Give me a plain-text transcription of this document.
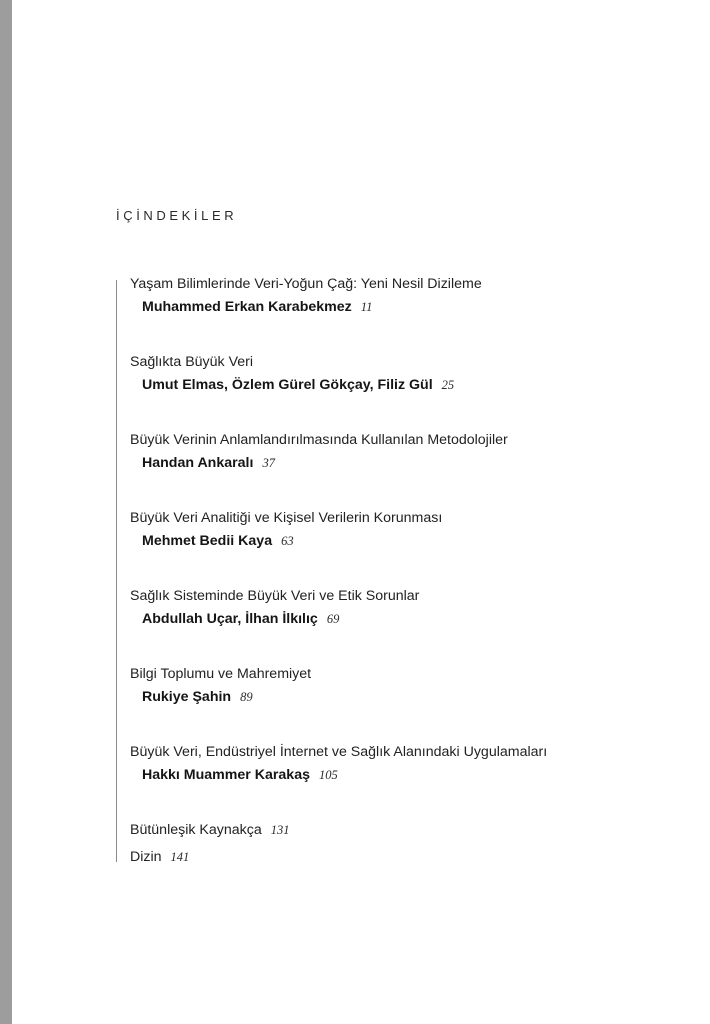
İÇİNDEKİLER
Yaşam Bilimlerinde Veri-Yoğun Çağ: Yeni Nesil Dizileme
Muhammed Erkan Karabekmez 11
Sağlıkta Büyük Veri
Umut Elmas, Özlem Gürel Gökçay, Filiz Gül 25
Büyük Verinin Anlamlandırılmasında Kullanılan Metodolojiler
Handan Ankaralı 37
Büyük Veri Analitiği ve Kişisel Verilerin Korunması
Mehmet Bedii Kaya 63
Sağlık Sisteminde Büyük Veri ve Etik Sorunlar
Abdullah Uçar, İlhan İlkılıç 69
Bilgi Toplumu ve Mahremiyet
Rukiye Şahin 89
Büyük Veri, Endüstriyel İnternet ve Sağlık Alanındaki Uygulamaları
Hakkı Muammer Karakaş 105
Bütünleşik Kaynakça 131
Dizin 141
